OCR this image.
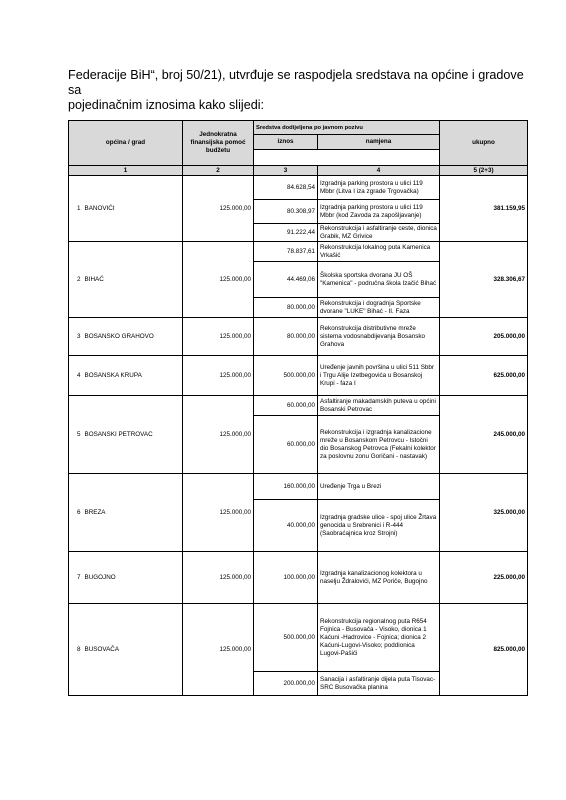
Federacije BiH“, broj 50/21), utvrđuje se raspodjela sredstava na općine i gradove sa
pojedinačnim iznosima kako slijedi:
općina / grad		Jednokratna finansijska pomoć budžetu	Sredstva dodijeljena po javnom pozivu		ukupno
			iznos	namjena	

1		2	3	4	5 (2+3)
1	BANOVIĆI	125.000,00	84.628,54	Izgradnja parking prostora u ulici 119 Mbbr (Litva I iza zgrade Trgovačka)	381.159,95
			80.308,97	Izgradnja parking prostora u ulici 119 Mbbr (kod Zavoda za zapošljavanje)	
			91.222,44	Rekonstrukcija i asfaltiranje ceste, dionica Grabik, MZ Grivice	
2	BIHAĆ	125.000,00	78.837,61	Rekonstrukcija lokalnog puta Kamenica Vrkašić	328.306,67
			44.469,06	Školska sportska dvorana JU OŠ "Kamenica" - područna škola Izačić Bihać	
			80.000,00	Rekonstrukcija i dogradnja Sportske dvorane "LUKE" Bihać - II. Faza	
3	BOSANSKO GRAHOVO	125.000,00	80.000,00	Rekonstrukcija distributivne mreže sistema vodosnabdijevanja Bosansko Grahova	205.000,00
4	BOSANSKA KRUPA	125.000,00	500.000,00	Uređenje javnih površina u ulici 511 Sbbr i Trgu Alije Izetbegovića u Bosanskoj Krupi - faza I	625.000,00
5	BOSANSKI PETROVAC	125.000,00	60.000,00	Asfaltiranje makadamskih puteva u općini Bosanski Petrovac	245.000,00
			60.000,00	Rekonstrukcija i izgradnja kanalizacione mreže u Bosanskom Petrovcu - Istočni dio Bosanskog Petrovca (Fekalni kolektor za poslovnu zonu Goričani - nastavak)	
6	BREZA	125.000,00	160.000,00	Uređenje Trga u Brezi	325.000,00
			40.000,00	Izgradnja gradske ulice - spoj ulice Žrtava genocida u Srebrenici i R-444 (Saobraćajnica kroz Strojni)	
7	BUGOJNO	125.000,00	100.000,00	Izgradnja kanalizacionog kolektora u naselju Ždralovići, MZ Poriče, Bugojno	225.000,00
8	BUSOVAČA	125.000,00	500.000,00	Rekonstrukcija regionalnog puta R654 Fojnica - Busovača - Visoko, dionica 1 Kaćuni -Hadrovice - Fojnica; dionica 2 Kaćuni-Lugovi-Visoko; poddionica Lugovi-Pašići	825.000,00
			200.000,00	Sanacija i asfaltiranje dijela puta Tisovac-SRC Busovačka planina	
